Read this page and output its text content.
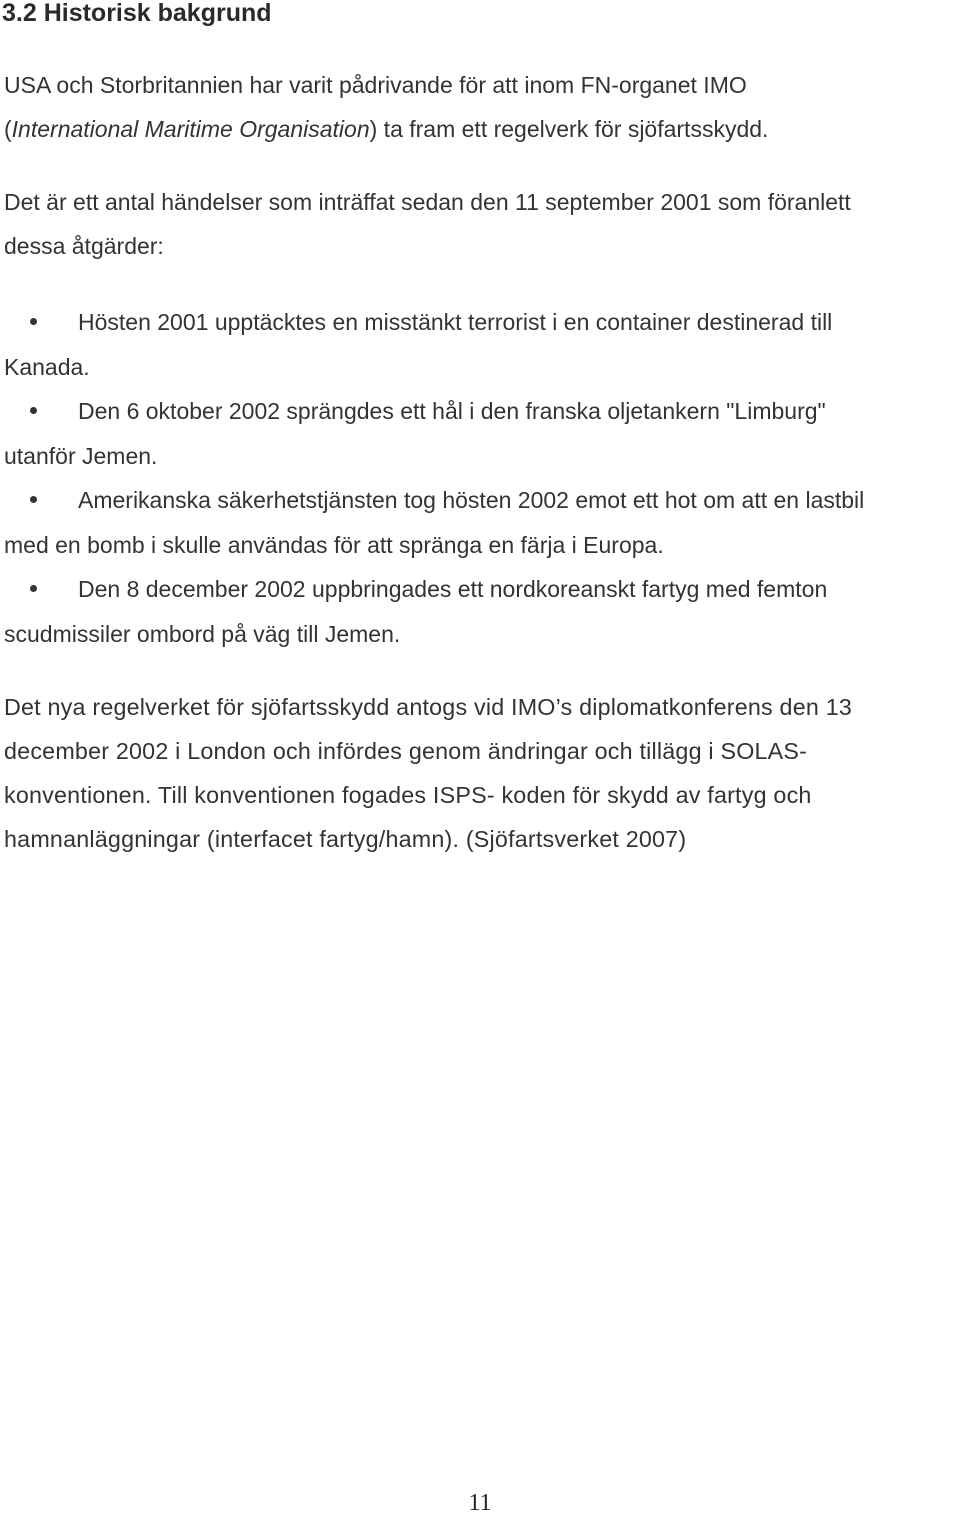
3.2 Historisk bakgrund
USA och Storbritannien har varit pådrivande för att inom FN-organet IMO
(International Maritime Organisation) ta fram ett regelverk för sjöfartsskydd.
Det är ett antal händelser som inträffat sedan den 11 september 2001 som föranlett
dessa åtgärder:
Hösten 2001 upptäcktes en misstänkt terrorist i en container destinerad till
Kanada.
Den 6 oktober 2002 sprängdes ett hål i den franska oljetankern "Limburg"
utanför Jemen.
Amerikanska säkerhetstjänsten tog hösten 2002 emot ett hot om att en lastbil
med en bomb i skulle användas för att spränga en färja i Europa.
Den 8 december 2002 uppbringades ett nordkoreanskt fartyg med femton
scudmissiler ombord på väg till Jemen.
Det nya regelverket för sjöfartsskydd antogs vid IMO’s diplomatkonferens den 13
december 2002 i London och infördes genom ändringar och tillägg i SOLAS-
konventionen. Till konventionen fogades ISPS- koden för skydd av fartyg och
hamnanläggningar (interfacet fartyg/hamn). (Sjöfartsverket 2007)
11
